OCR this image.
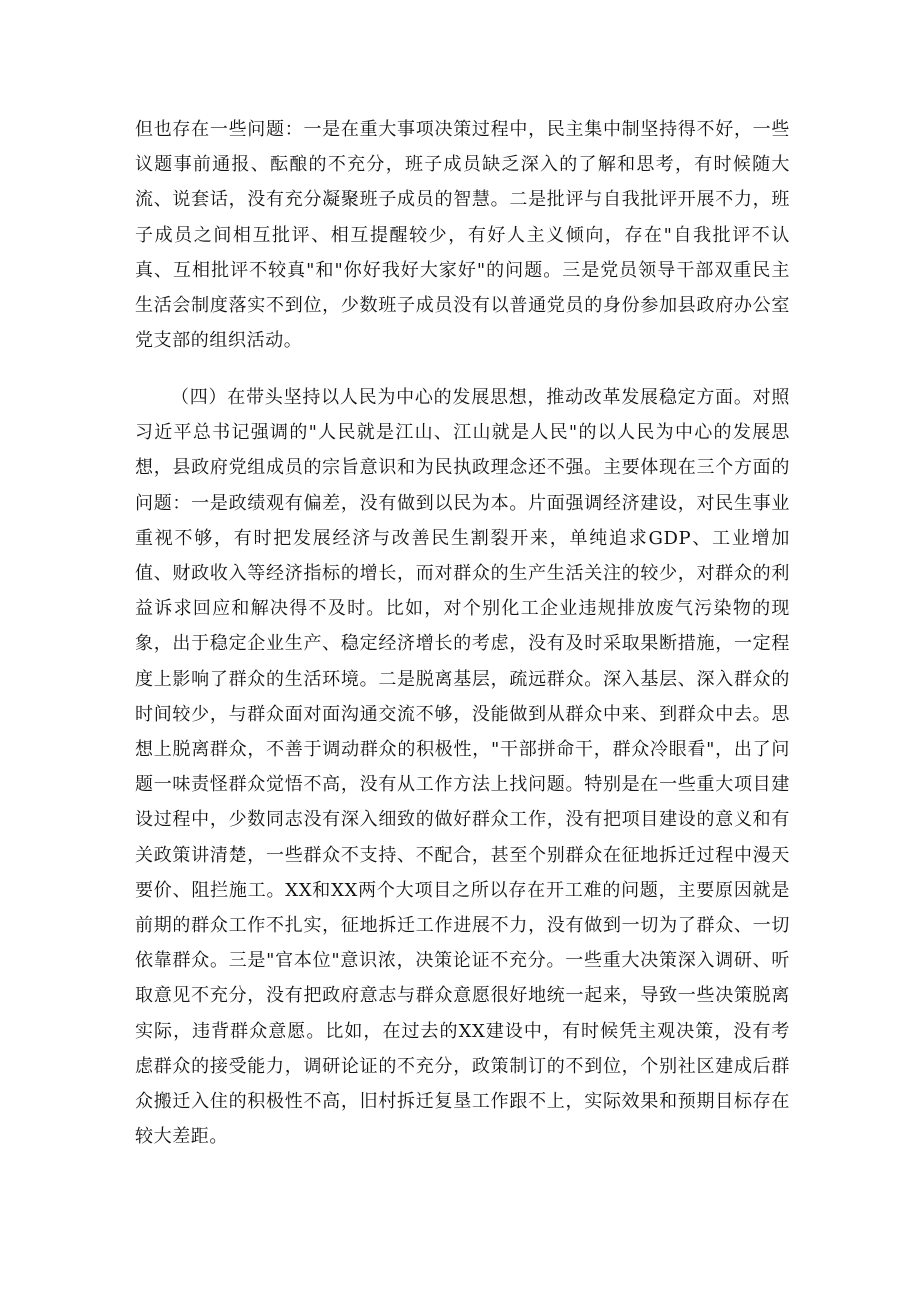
但也存在一些问题：一是在重大事项决策过程中，民主集中制坚持得不好，一些议题事前通报、酝酿的不充分，班子成员缺乏深入的了解和思考，有时候随大流、说套话，没有充分凝聚班子成员的智慧。二是批评与自我批评开展不力，班子成员之间相互批评、相互提醒较少，有好人主义倾向，存在"自我批评不认真、互相批评不较真"和"你好我好大家好"的问题。三是党员领导干部双重民主生活会制度落实不到位，少数班子成员没有以普通党员的身份参加县政府办公室党支部的组织活动。

（四）在带头坚持以人民为中心的发展思想，推动改革发展稳定方面。对照习近平总书记强调的"人民就是江山、江山就是人民"的以人民为中心的发展思想，县政府党组成员的宗旨意识和为民执政理念还不强。主要体现在三个方面的问题：一是政绩观有偏差，没有做到以民为本。片面强调经济建设，对民生事业重视不够，有时把发展经济与改善民生割裂开来，单纯追求GDP、工业增加值、财政收入等经济指标的增长，而对群众的生产生活关注的较少，对群众的利益诉求回应和解决得不及时。比如，对个别化工企业违规排放废气污染物的现象，出于稳定企业生产、稳定经济增长的考虑，没有及时采取果断措施，一定程度上影响了群众的生活环境。二是脱离基层，疏远群众。深入基层、深入群众的时间较少，与群众面对面沟通交流不够，没能做到从群众中来、到群众中去。思想上脱离群众，不善于调动群众的积极性，"干部拼命干，群众冷眼看"，出了问题一味责怪群众觉悟不高，没有从工作方法上找问题。特别是在一些重大项目建设过程中，少数同志没有深入细致的做好群众工作，没有把项目建设的意义和有关政策讲清楚，一些群众不支持、不配合，甚至个别群众在征地拆迁过程中漫天要价、阻拦施工。XX和XX两个大项目之所以存在开工难的问题，主要原因就是前期的群众工作不扎实，征地拆迁工作进展不力，没有做到一切为了群众、一切依靠群众。三是"官本位"意识浓，决策论证不充分。一些重大决策深入调研、听取意见不充分，没有把政府意志与群众意愿很好地统一起来，导致一些决策脱离实际，违背群众意愿。比如，在过去的XX建设中，有时候凭主观决策，没有考虑群众的接受能力，调研论证的不充分，政策制订的不到位，个别社区建成后群众搬迁入住的积极性不高，旧村拆迁复垦工作跟不上，实际效果和预期目标存在较大差距。
